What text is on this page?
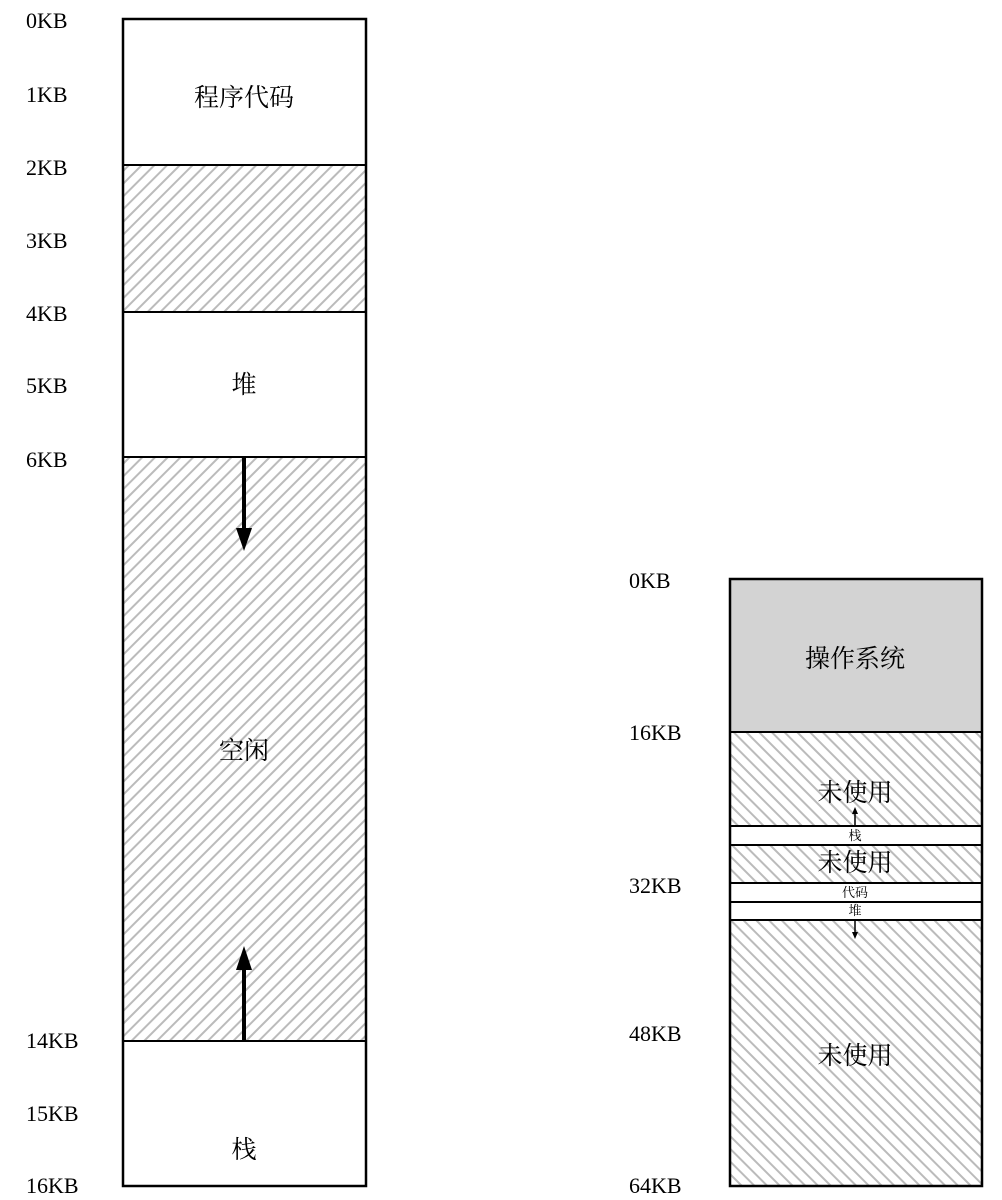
0KB
1KB
2KB
3KB
4KB
5KB
6KB
14KB
15KB
16KB
程序代码
堆
空闲
栈
0KB
16KB
32KB
48KB
64KB
操作系统
未使用
栈
未使用
代码
堆
未使用
